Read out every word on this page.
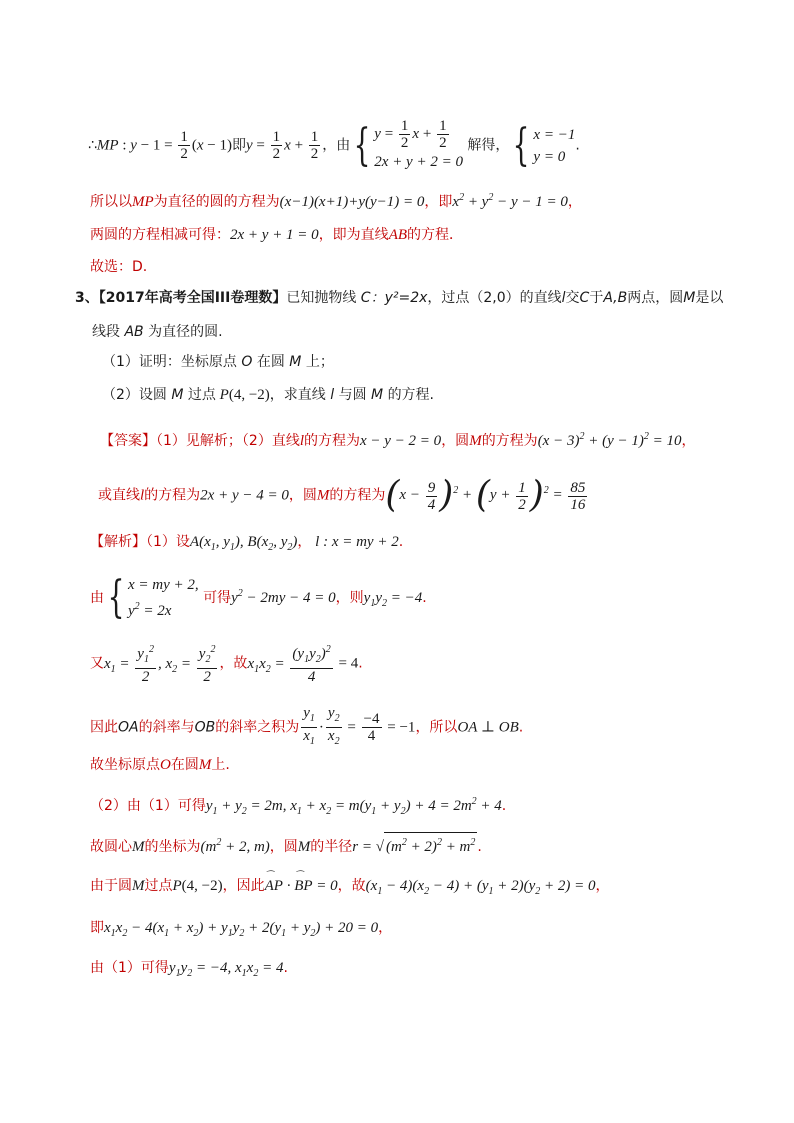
∴MP : $y - 1 = \frac{1}{2} (x - 1)$即$y = \frac{1}{2}$ $x + \frac{1}{2}$ ，由{ $y = \frac{1}{2}$ $x + \frac{1}{2}$
2x + y + 2 = 0
解得，{ x = −1
y = 0
.
所以以MP为直径的圆的方程为(x−1)(x+1)+y(y−1) = 0，即$x^2 + y^2 - y - 1 = 0$，
两圆的方程相减可得：2x + y + 1 = 0，即为直线AB的方程．
故选：D.
3、【2017年高考全国III卷理数】已知抛物线 C：y²=2x，过点（2,0）的直线l交C于A,B两点，圆M是以
线段 AB 为直径的圆.
（1）证明：坐标原点 O 在圆 M 上；
（2）设圆 M 过点 P(4, −2)，求直线 l 与圆 M 的方程.
【答案】（1）见解析；（2）直线l的方程为x − y − 2 = 0，圆M的方程为$(x - 3)^2 + (y - 1)^2 = 10$，
或直线l的方程为2x + y − 4 = 0，圆M的方程为$(x - \frac{9}{4} )^2 + (y + \frac{1}{2} )^2 = \frac{85}{16}$
【解析】（1）设$A(x_1$, $y_1$), $B(x_2$, $y_2$)， l : x = my + 2.
由{ x = my + 2,
$y^2 = 2x$
可得$y^2 - 2my - 4 = 0$，则$y_1y_2 = -4$.
又$x_1 = \frac{y_1^2}{2}$ , $x_2 = \frac{y_2^2}{2}$ ，故$x_1x_2 = \frac{(y_1y_2)^2}{4} = 4$.
因此OA的斜率与OB的斜率之积为 $\frac{y_1}{x_1} \cdot \frac{y_2}{x_2} = \frac{-4}{4} = -1$，所以OA ⊥ OB.
故坐标原点O在圆M上.
（2）由（1）可得$y_1 + y_2 = 2m$, $x_1 + x_2 = m(y_1 + y_2) + 4 = 2m^2 + 4$.
故圆心M的坐标为($m^2 + 2$, m)，圆M的半径r = √ $(m^2 + 2)^2 + m^2$ .
由于圆M过点P(4, −2)，因此⌒ AP · ⌒ BP = 0，故$(x_1 - 4)(x_2 - 4) + (y_1 + 2)(y_2 + 2) = 0$，
即$x_1x_2 - 4(x_1 + x_2) + y_1y_2 + 2(y_1 + y_2) + 20 = 0$，
由（1）可得$y_1y_2 = -4$, $x_1x_2 = 4$.
